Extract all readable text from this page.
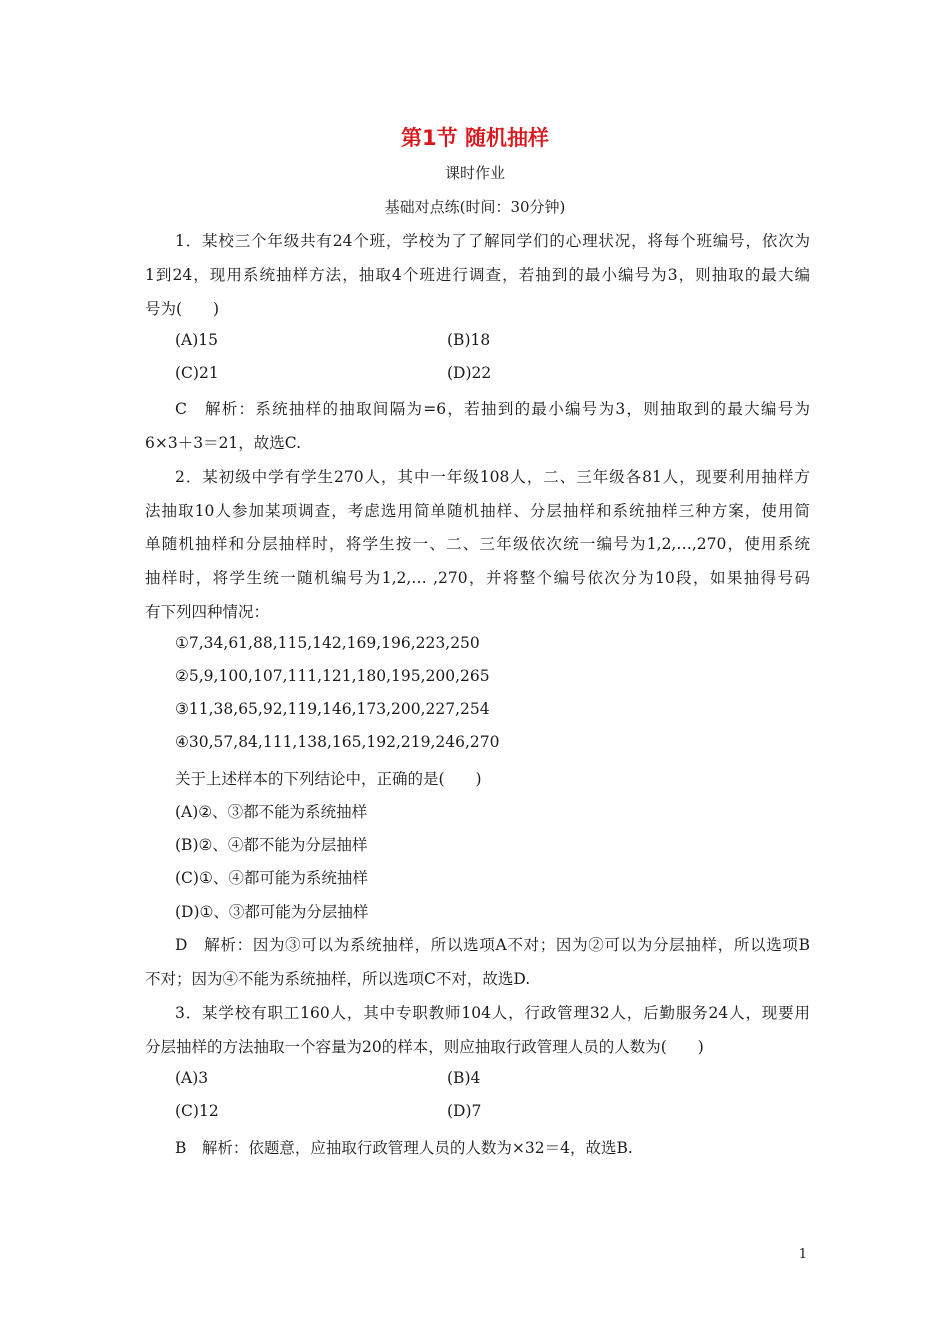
第1节 随机抽样
课时作业
基础对点练(时间：30分钟)
1．某校三个年级共有24个班，学校为了了解同学们的心理状况，将每个班编号，依次为
1到24，现用系统抽样方法，抽取4个班进行调查，若抽到的最小编号为3，则抽取的最大编
号为(　　)
(A)15	(B)18
(C)21	(D)22
C　解析：系统抽样的抽取间隔为=6，若抽到的最小编号为3，则抽取到的最大编号为
6×3＋3＝21，故选C.
2．某初级中学有学生270人，其中一年级108人，二、三年级各81人，现要利用抽样方
法抽取10人参加某项调查，考虑选用简单随机抽样、分层抽样和系统抽样三种方案，使用简
单随机抽样和分层抽样时，将学生按一、二、三年级依次统一编号为1,2,…,270，使用系统
抽样时，将学生统一随机编号为1,2,… ,270，并将整个编号依次分为10段，如果抽得号码
有下列四种情况：
①7,34,61,88,115,142,169,196,223,250
②5,9,100,107,111,121,180,195,200,265
③11,38,65,92,119,146,173,200,227,254
④30,57,84,111,138,165,192,219,246,270
关于上述样本的下列结论中，正确的是(　　)
(A)②、③都不能为系统抽样
(B)②、④都不能为分层抽样
(C)①、④都可能为系统抽样
(D)①、③都可能为分层抽样
D　解析：因为③可以为系统抽样，所以选项A不对；因为②可以为分层抽样，所以选项B
不对；因为④不能为系统抽样，所以选项C不对，故选D.
3．某学校有职工160人，其中专职教师104人，行政管理32人，后勤服务24人，现要用
分层抽样的方法抽取一个容量为20的样本，则应抽取行政管理人员的人数为(　　)
(A)3	(B)4
(C)12	(D)7
B　解析：依题意，应抽取行政管理人员的人数为×32＝4，故选B.
1
